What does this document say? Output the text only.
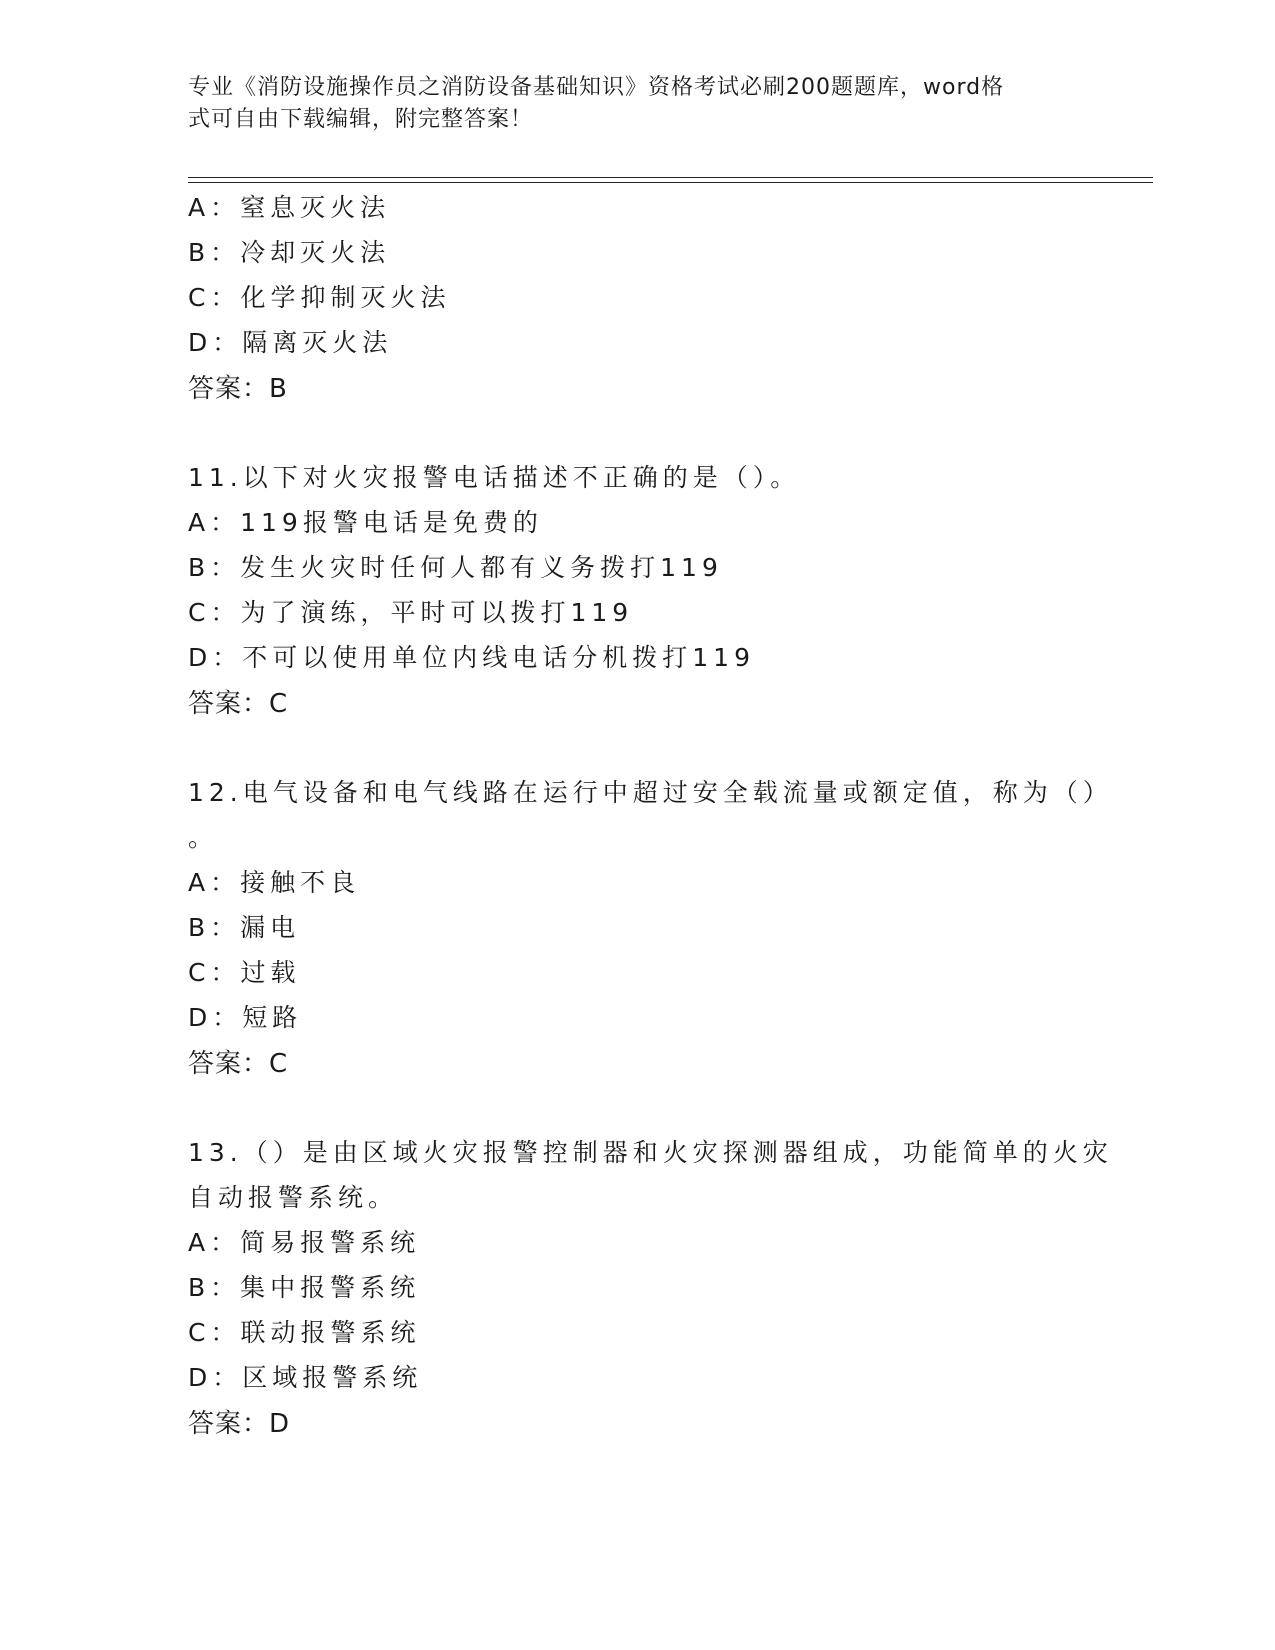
专业《消防设施操作员之消防设备基础知识》资格考试必刷200题题库，word格
式可自由下载编辑，附完整答案！
A：窒息灭火法
B：冷却灭火法
C：化学抑制灭火法
D：隔离灭火法
答案：B
11.以下对火灾报警电话描述不正确的是（）。
A：119报警电话是免费的
B：发生火灾时任何人都有义务拨打119
C：为了演练，平时可以拨打119
D：不可以使用单位内线电话分机拨打119
答案：C
12.电气设备和电气线路在运行中超过安全载流量或额定值，称为（）
。
A：接触不良
B：漏电
C：过载
D：短路
答案：C
13.（）是由区域火灾报警控制器和火灾探测器组成，功能简单的火灾
自动报警系统。
A：简易报警系统
B：集中报警系统
C：联动报警系统
D：区域报警系统
答案：D
